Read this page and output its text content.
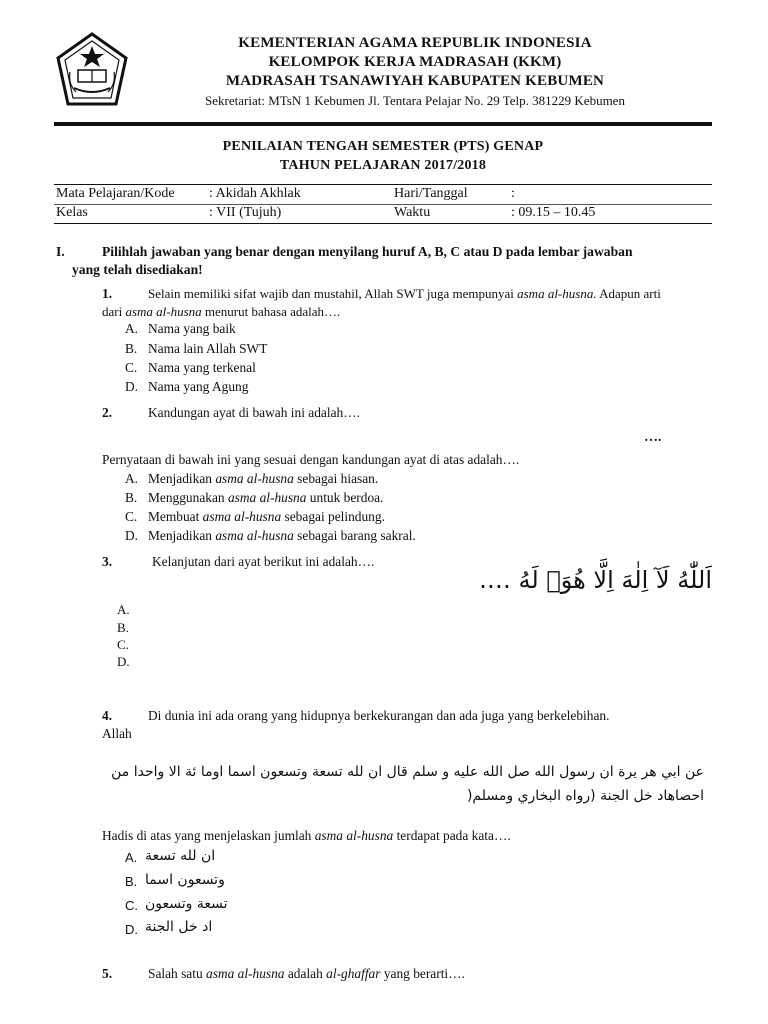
KEMENTERIAN AGAMA REPUBLIK INDONESIA
KELOMPOK KERJA MADRASAH (KKM)
MADRASAH TSANAWIYAH KABUPATEN KEBUMEN
Sekretariat: MTsN 1 Kebumen Jl. Tentara Pelajar No. 29 Telp. 381229 Kebumen
PENILAIAN TENGAH SEMESTER (PTS) GENAP
TAHUN PELAJARAN 2017/2018
Mata Pelajaran/Kode : Akidah Akhlak	Hari/Tanggal	:
Kelas	: VII (Tujuh)	Waktu	: 09.15 – 10.45
I.	Pilihlah jawaban yang benar dengan menyilang huruf A, B, C atau D pada lembar jawaban
yang telah disediakan!
1.	Selain memiliki sifat wajib dan mustahil, Allah SWT juga mempunyai asma al-husna. Adapun arti
dari asma al-husna menurut bahasa adalah….
A. Nama yang baik
B. Nama lain Allah SWT
C. Nama yang terkenal
D. Nama yang Agung
2.	Kandungan ayat di bawah ini adalah….
….
Pernyataan di bawah ini yang sesuai dengan kandungan ayat di atas adalah….
A. Menjadikan asma al-husna sebagai hiasan.
B. Menggunakan asma al-husna untuk berdoa.
C. Membuat asma al-husna sebagai pelindung.
D. Menjadikan asma al-husna sebagai barang sakral.
3.	Kelanjutan dari ayat berikut ini adalah….
اَللّٰهُ لَآ اِلٰهَ اِلَّا هُوَۗ لَهُ ….
A.
B.
C.
D.
4.	Di dunia ini ada orang yang hidupnya berkekurangan dan ada juga yang berkelebihan.
Allah
عن ابي هر يرة ان رسول الله صل الله عليه و سلم قال ان لله تسعة وتسعون اسما اوما ئة الا واحدا من
احصاهاد خل الجنة (رواه البخاري ومسلم(
Hadis di atas yang menjelaskan jumlah asma al-husna terdapat pada kata….
A. ان لله تسعة
B. وتسعون اسما
C. تسعة وتسعون
D. اد خل الجنة
5.	Salah satu asma al-husna adalah al-ghaffar yang berarti….
